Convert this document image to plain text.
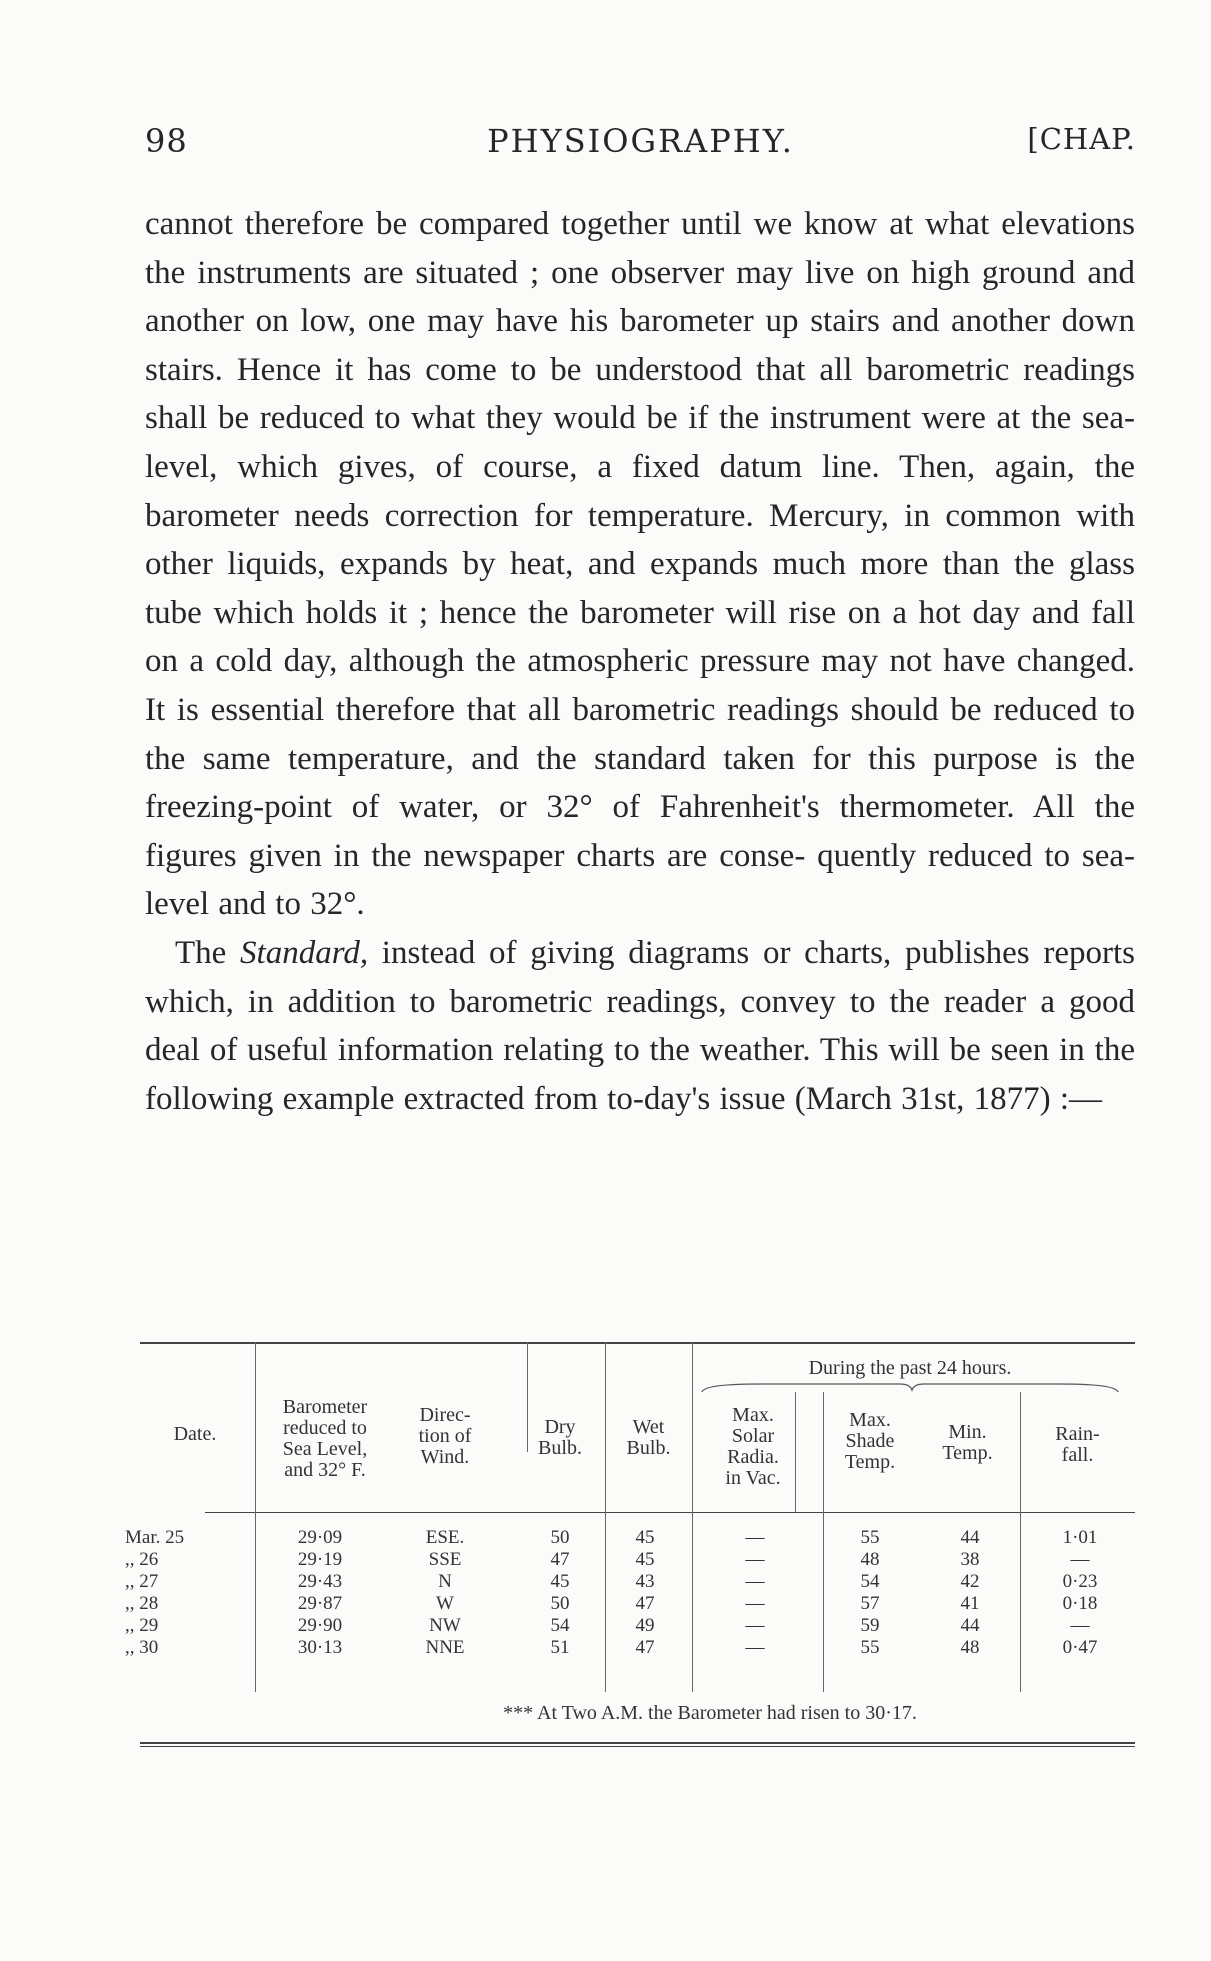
98	PHYSIOGRAPHY.	[CHAP.

cannot therefore be compared together until we know at what elevations the instruments are situated ; one observer may live on high ground and another on low, one may have his barometer up stairs and another down stairs. Hence it has come to be understood that all barometric readings shall be reduced to what they would be if the instrument were at the sea-level, which gives, of course, a fixed datum line. Then, again, the barometer needs correction for temperature. Mercury, in common with other liquids, expands by heat, and expands much more than the glass tube which holds it ; hence the barometer will rise on a hot day and fall on a cold day, although the atmospheric pressure may not have changed. It is essential therefore that all barometric readings should be reduced to the same temperature, and the standard taken for this purpose is the freezing-point of water, or 32° of Fahrenheit's thermometer. All the figures given in the newspaper charts are conse- quently reduced to sea-level and to 32°.

The Standard, instead of giving diagrams or charts, publishes reports which, in addition to barometric readings, convey to the reader a good deal of useful information relating to the weather. This will be seen in the following example extracted from to-day's issue (March 31st, 1877) :—

During the past 24 hours.
Date.
Barometer
reduced to
Sea Level,
and 32° F.
Direc-
tion of
Wind.
Dry
Bulb.
Wet
Bulb.
Max.
Solar
Radia.
in Vac.
Max.
Shade
Temp.
Min.
Temp.
Rain-
fall.
Mar. 25
,, 26
,, 27
,, 28
,, 29
,, 30
29·09
29·19
29·43
29·87
29·90
30·13
ESE.
SSE
N
W
NW
NNE
50
47
45
50
54
51
45
45
43
47
49
47
—
—
—
—
—
—
55
48
54
57
59
55
44
38
42
41
44
48
1·01
—
0·23
0·18
—
0·47
*** At Two A.M. the Barometer had risen to 30·17.
